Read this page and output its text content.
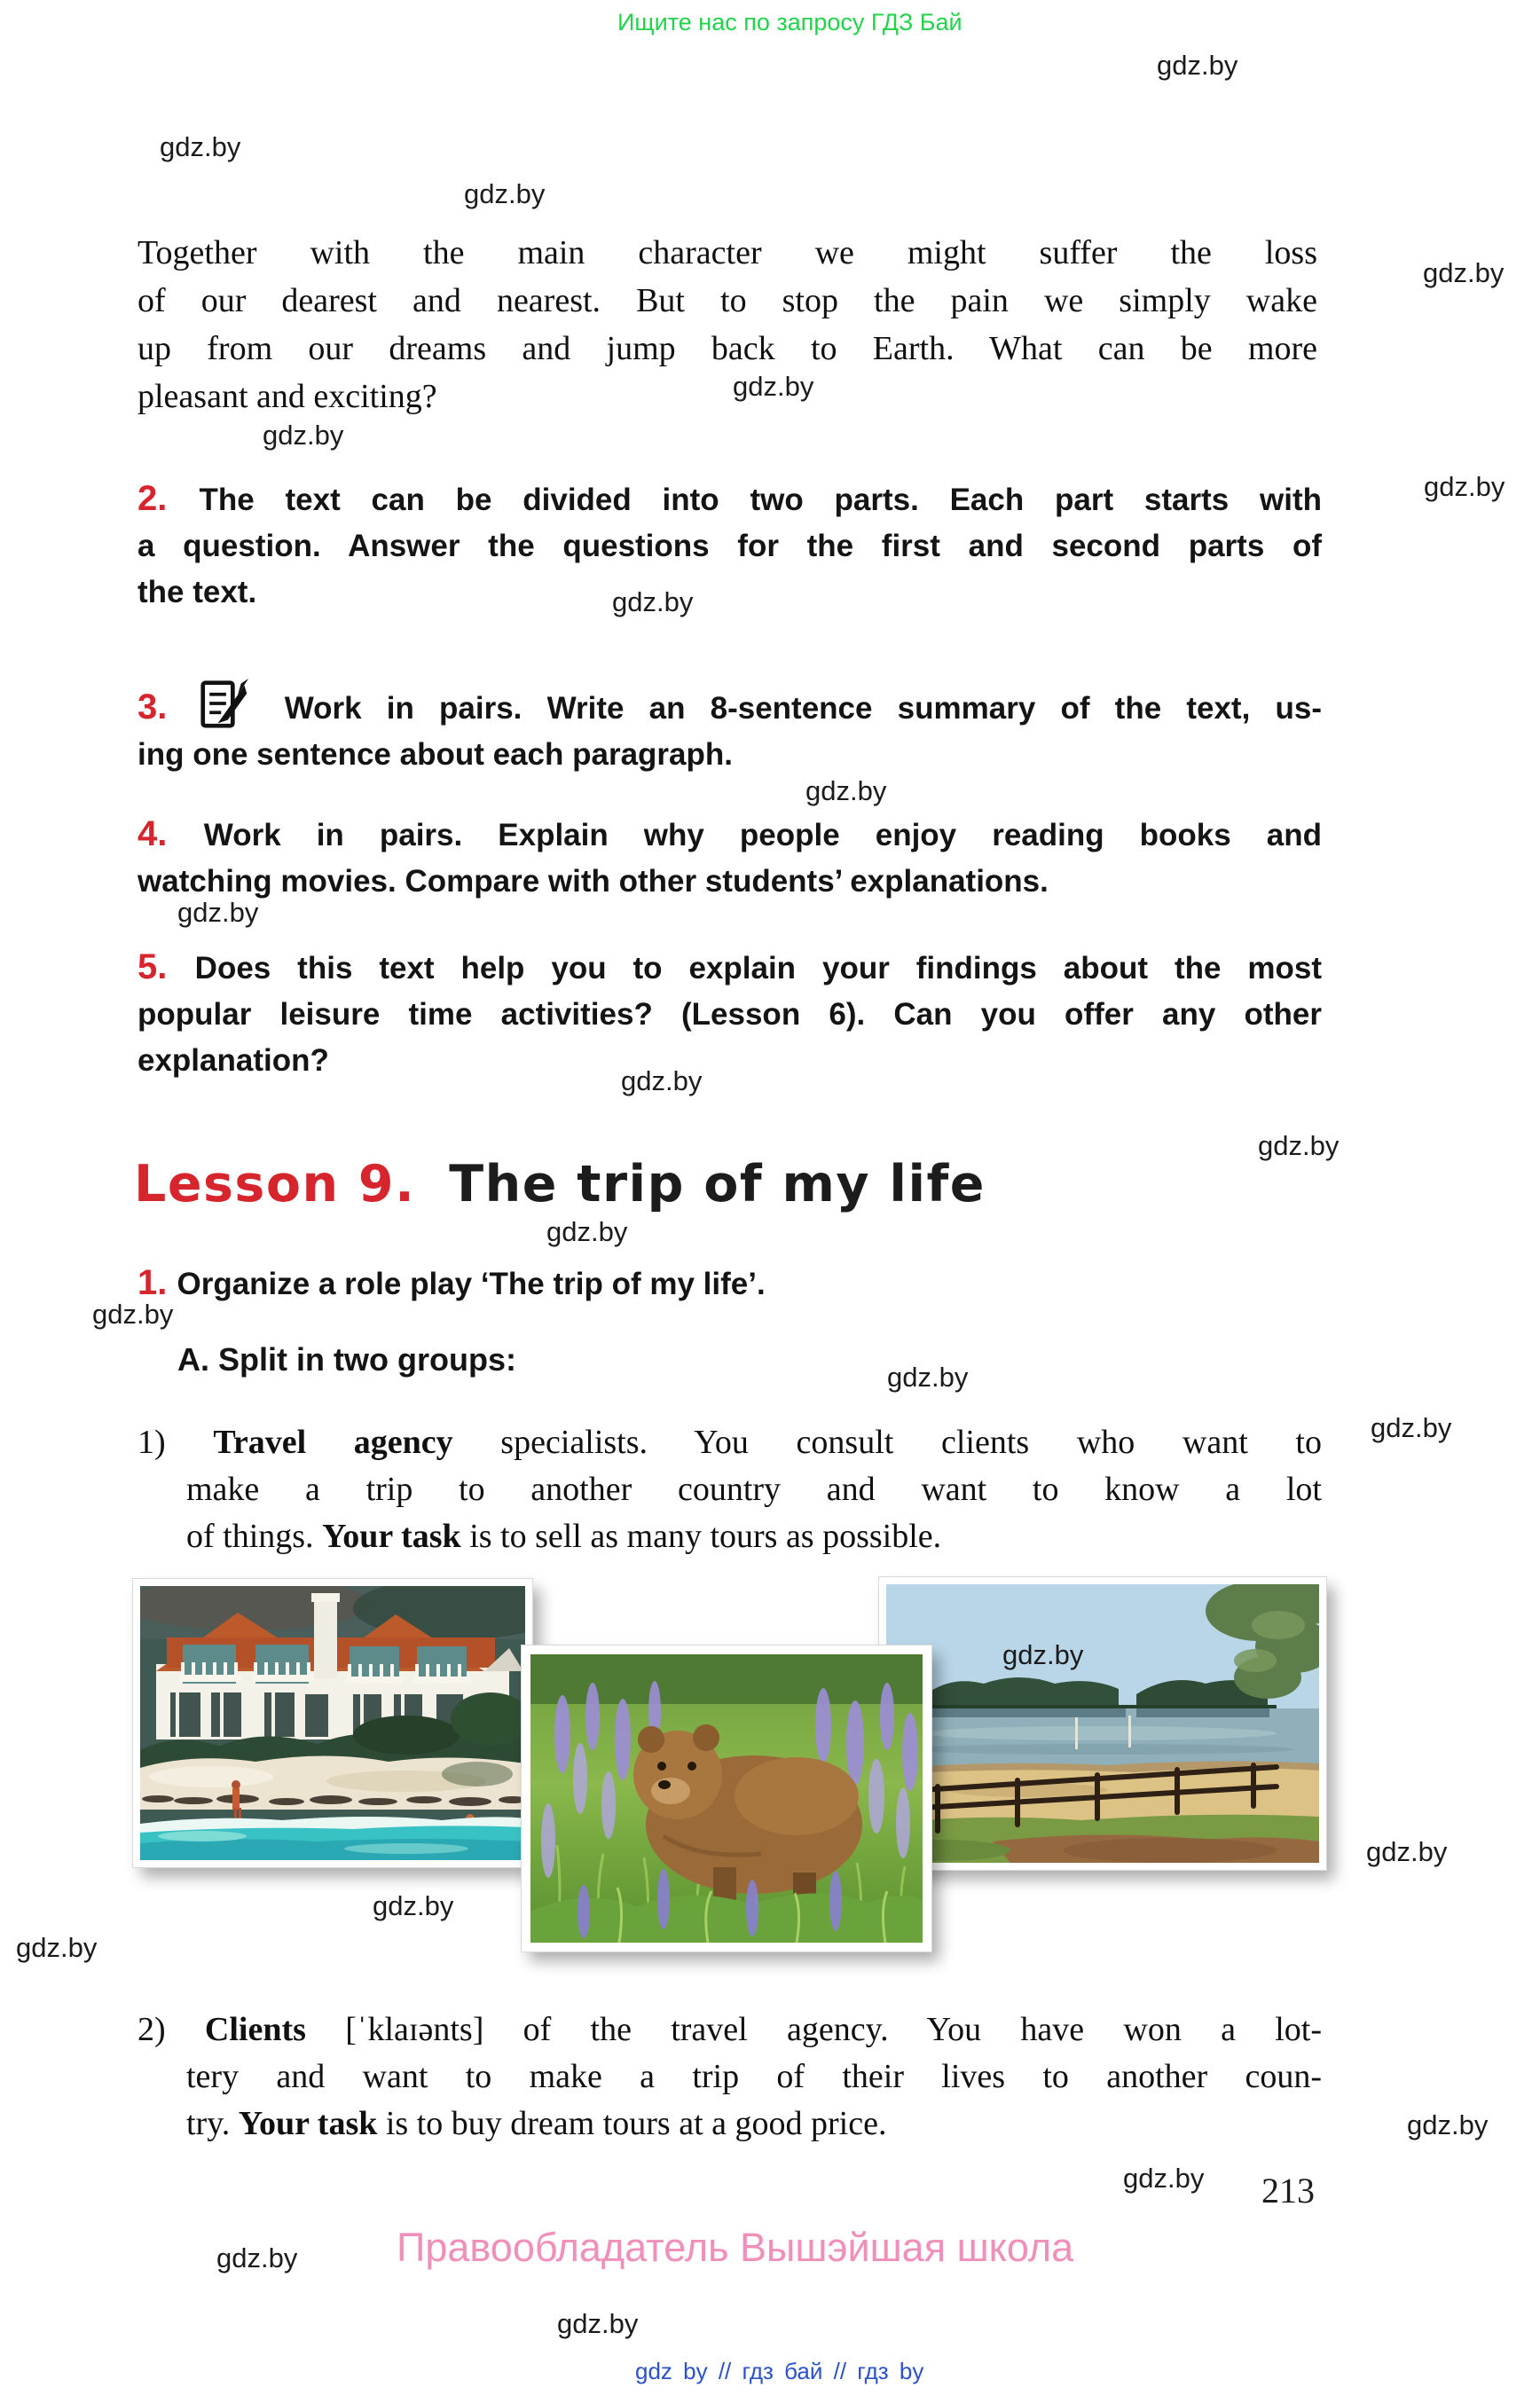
Ищите нас по запросу ГДЗ Бай
gdz.by
gdz.by
gdz.by
gdz.by
gdz.by
gdz.by
gdz.by
gdz.by
gdz.by
gdz.by
gdz.by
gdz.by
gdz.by
gdz.by
gdz.by
gdz.by
gdz.by
gdz.by
gdz.by
gdz.by
gdz.by
gdz.by
gdz.by
gdz.by
Together with the main character we might suffer the loss
of our dearest and nearest. But to stop the pain we simply wake
up from our dreams and jump back to Earth. What can be more
pleasant and exciting?
2. The text can be divided into two parts. Each part starts with
a question. Answer the questions for the first and second parts of
the text.
3.	Work in pairs. Write an 8-sentence summary of the text, us-
ing one sentence about each paragraph.
4. Work in pairs. Explain why people enjoy reading books and
watching movies. Compare with other students’ explanations.
5. Does this text help you to explain your findings about the most
popular leisure time activities? (Lesson 6). Can you offer any other
explanation?
Lesson 9. The trip of my life
1. Organize a role play ‘The trip of my life’.
A. Split in two groups:
1) Travel agency specialists. You consult clients who want to
make a trip to another country and want to know a lot
of things. Your task is to sell as many tours as possible.
2) Clients [ˈklaɪənts] of the travel agency. You have won a lot-
tery and want to make a trip of their lives to another coun-
try. Your task is to buy dream tours at a good price.
213
Правообладатель Вышэйшая школа
gdz by // гдз бай // гдз by
